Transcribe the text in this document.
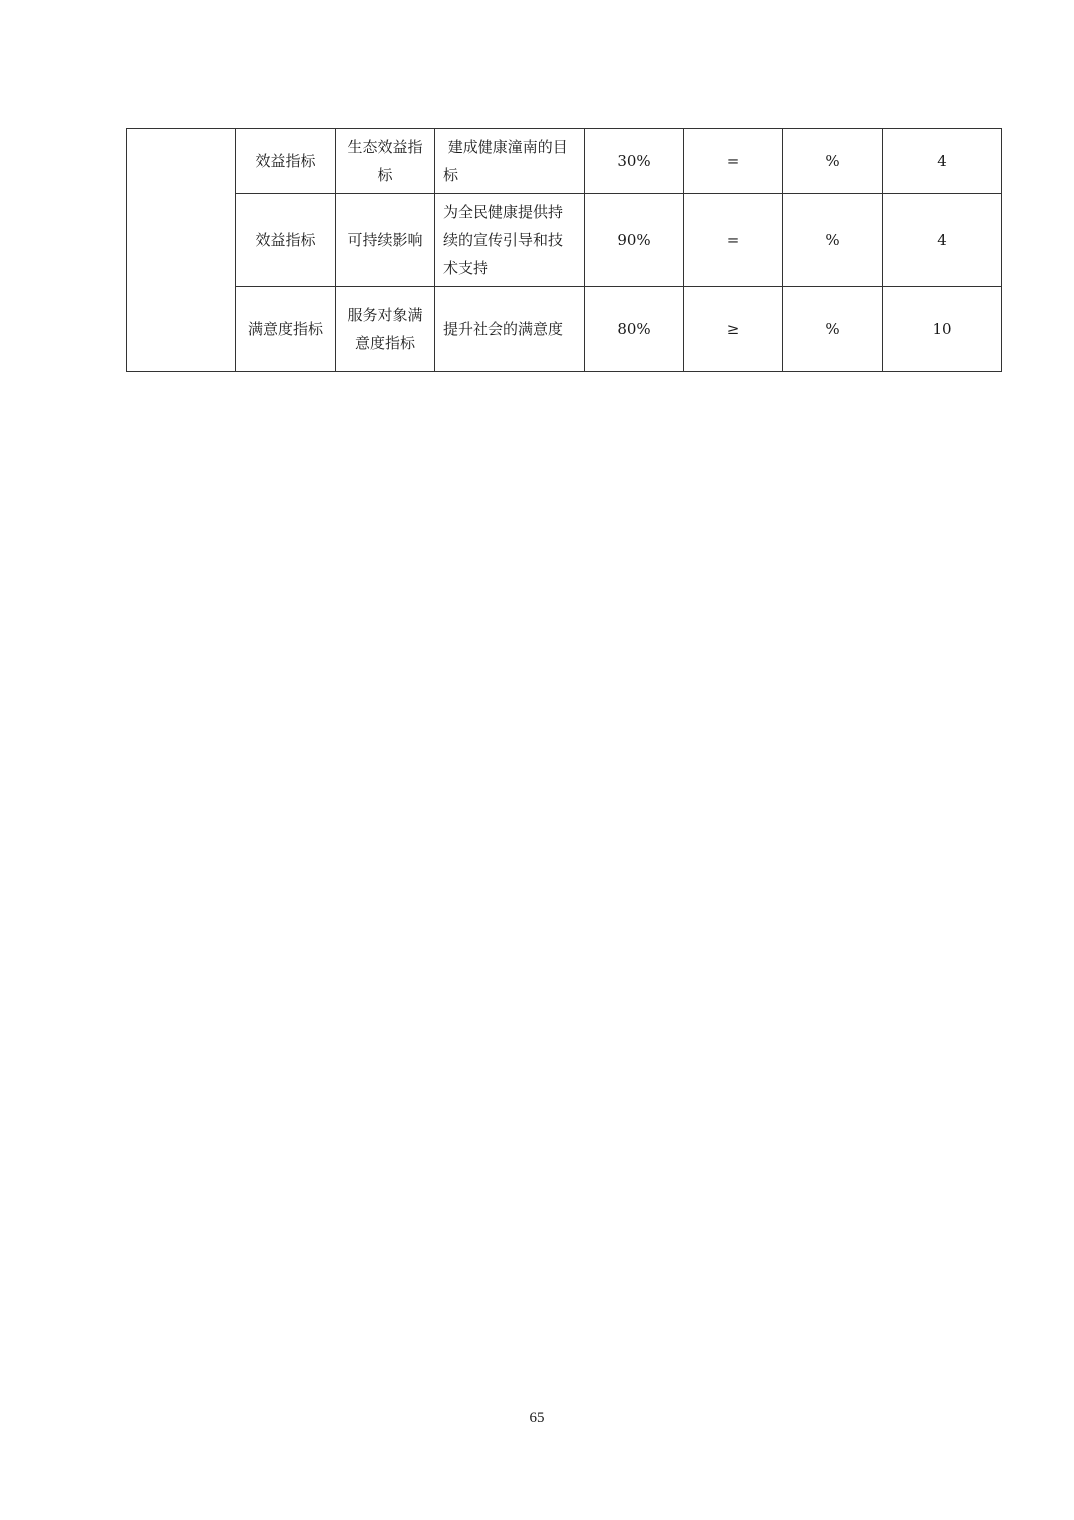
	效益指标	生态效益指标	建成健康潼南的目标	30%	=	%	4
	效益指标	可持续影响	为全民健康提供持续的宣传引导和技术支持	90%	=	%	4
	满意度指标	服务对象满意度指标	提升社会的满意度	80%	≥	%	10
65
